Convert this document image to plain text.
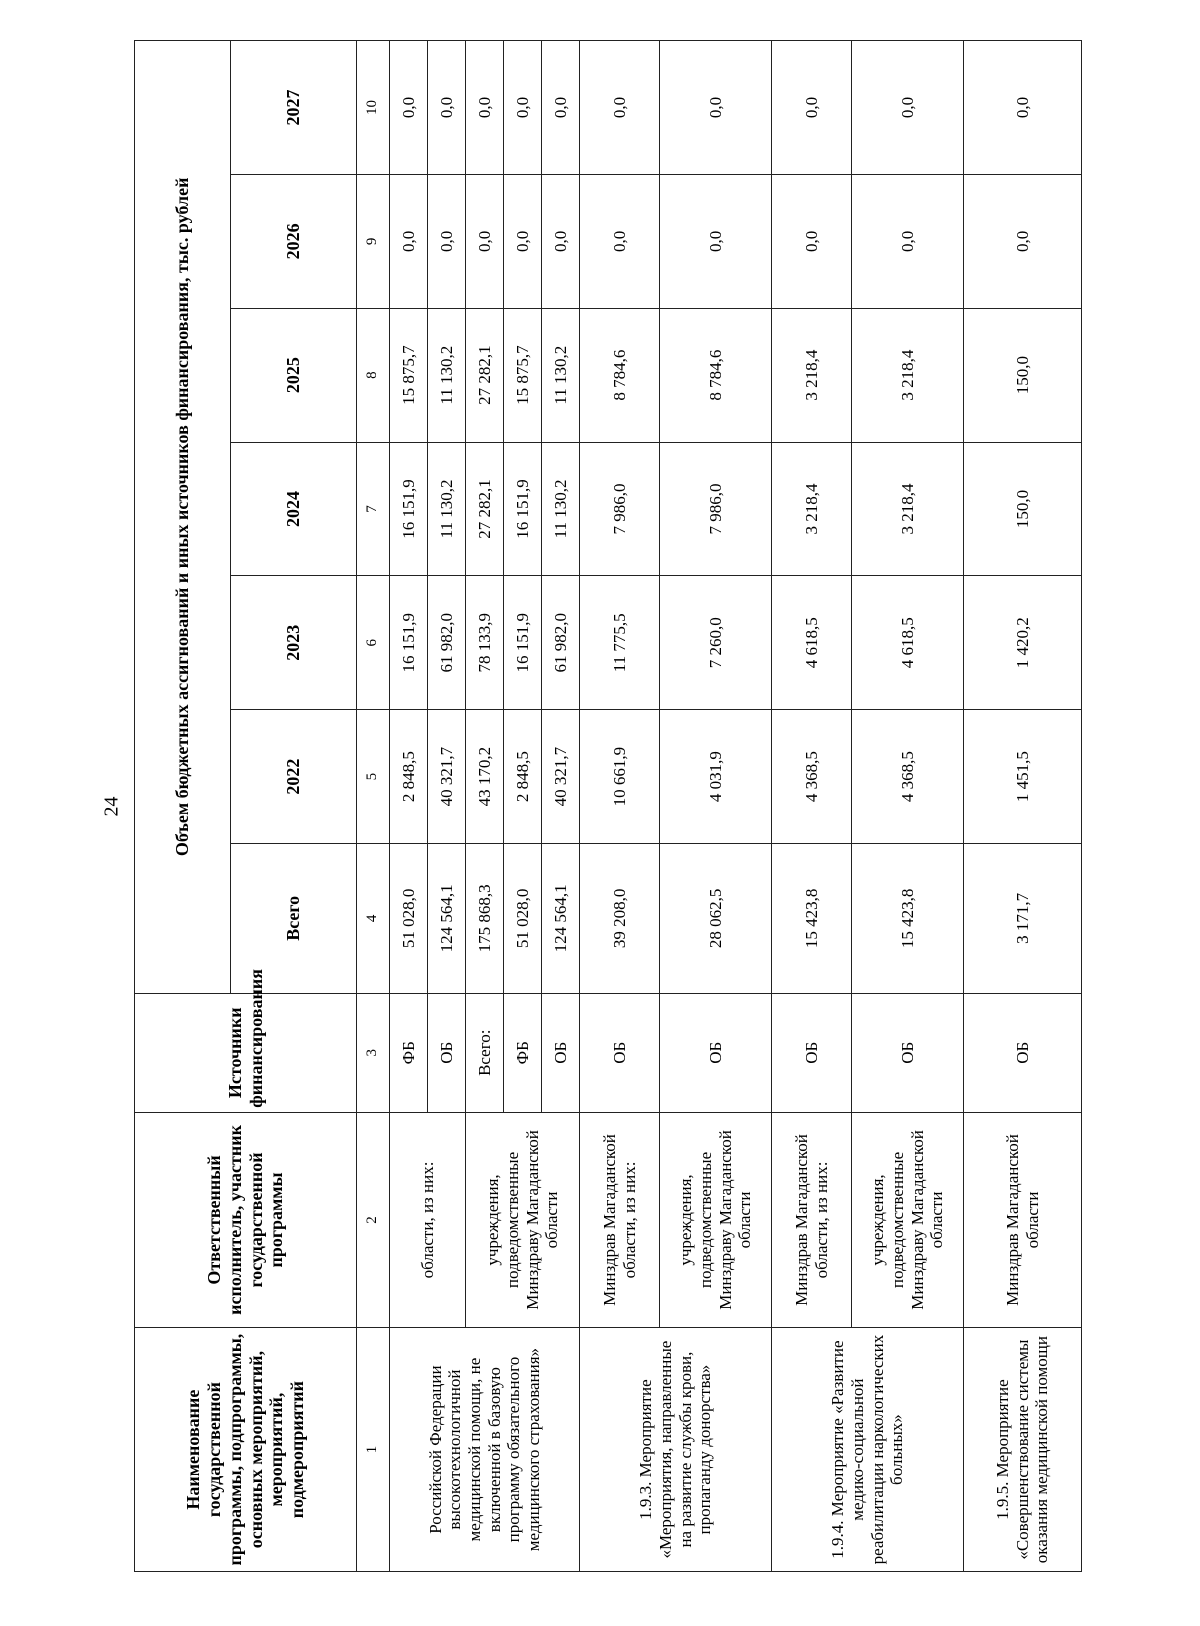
24
Наименование государственной программы, подпрограммы, основных мероприятий, мероприятий, подмероприятий	Ответственный исполнитель, участник государственной программы	Источники финансирования	Объем бюджетных ассигнований и иных источников финансирования, тыс. рублей						
			Всего	2022	2023	2024	2025	2026	2027
1	2	3	4	5	6	7	8	9	10
Российской Федерации высокотехнологичной медицинской помощи, не включенной в базовую программу обязательного медицинского страхования»	области, из них:	ФБ	51 028,0	2 848,5	16 151,9	16 151,9	15 875,7	0,0	0,0
		ОБ	124 564,1	40 321,7	61 982,0	11 130,2	11 130,2	0,0	0,0
	учреждения, подведомственные Минздраву Магаданской области	Всего:	175 868,3	43 170,2	78 133,9	27 282,1	27 282,1	0,0	0,0
		ФБ	51 028,0	2 848,5	16 151,9	16 151,9	15 875,7	0,0	0,0
		ОБ	124 564,1	40 321,7	61 982,0	11 130,2	11 130,2	0,0	0,0
1.9.3. Мероприятие «Мероприятия, направленные на развитие службы крови, пропаганду донорства»	Минздрав Магаданской области, из них:	ОБ	39 208,0	10 661,9	11 775,5	7 986,0	8 784,6	0,0	0,0
	учреждения, подведомственные Минздраву Магаданской области	ОБ	28 062,5	4 031,9	7 260,0	7 986,0	8 784,6	0,0	0,0
1.9.4. Мероприятие «Развитие медико-социальной реабилитации наркологических больных»	Минздрав Магаданской области, из них:	ОБ	15 423,8	4 368,5	4 618,5	3 218,4	3 218,4	0,0	0,0
	учреждения, подведомственные Минздраву Магаданской области	ОБ	15 423,8	4 368,5	4 618,5	3 218,4	3 218,4	0,0	0,0
1.9.5. Мероприятие «Совершенствование системы оказания медицинской помощи	Минздрав Магаданской области	ОБ	3 171,7	1 451,5	1 420,2	150,0	150,0	0,0	0,0
